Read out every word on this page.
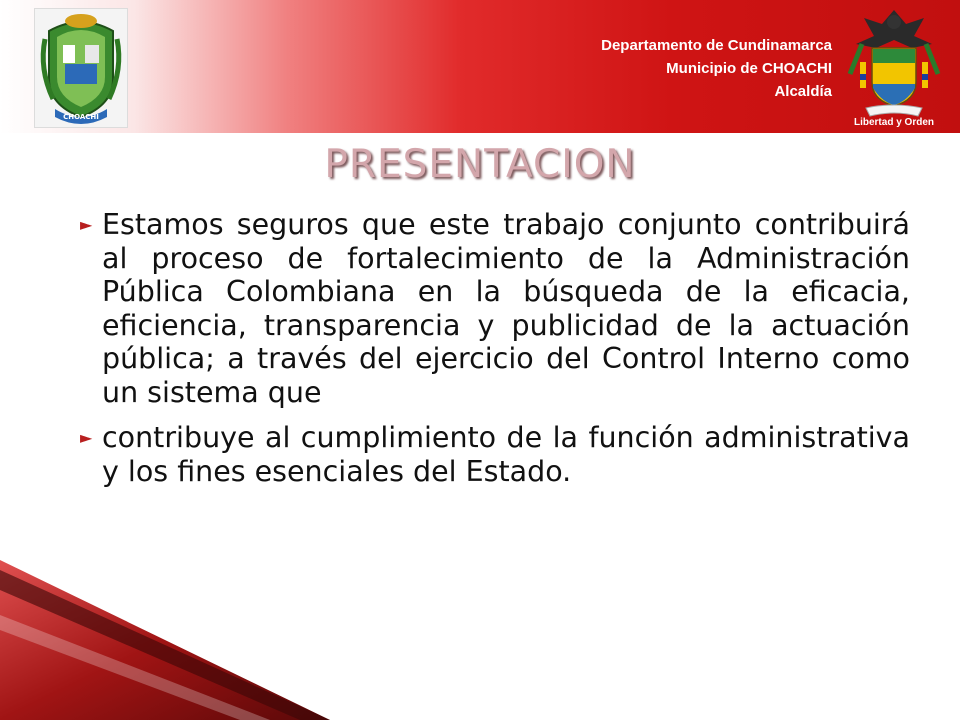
CHOACHI
Departamento de Cundinamarca
Municipio de CHOACHI
Alcaldía
Libertad y Orden
PRESENTACION
► Estamos seguros que este trabajo conjunto contribuirá al proceso de fortalecimiento de la Administración Pública Colombiana en la búsqueda de la eficacia, eficiencia, transparencia y publicidad de la actuación pública; a través del ejercicio del Control Interno como un sistema que
► contribuye al cumplimiento de la función administrativa y los fines esenciales del Estado.
